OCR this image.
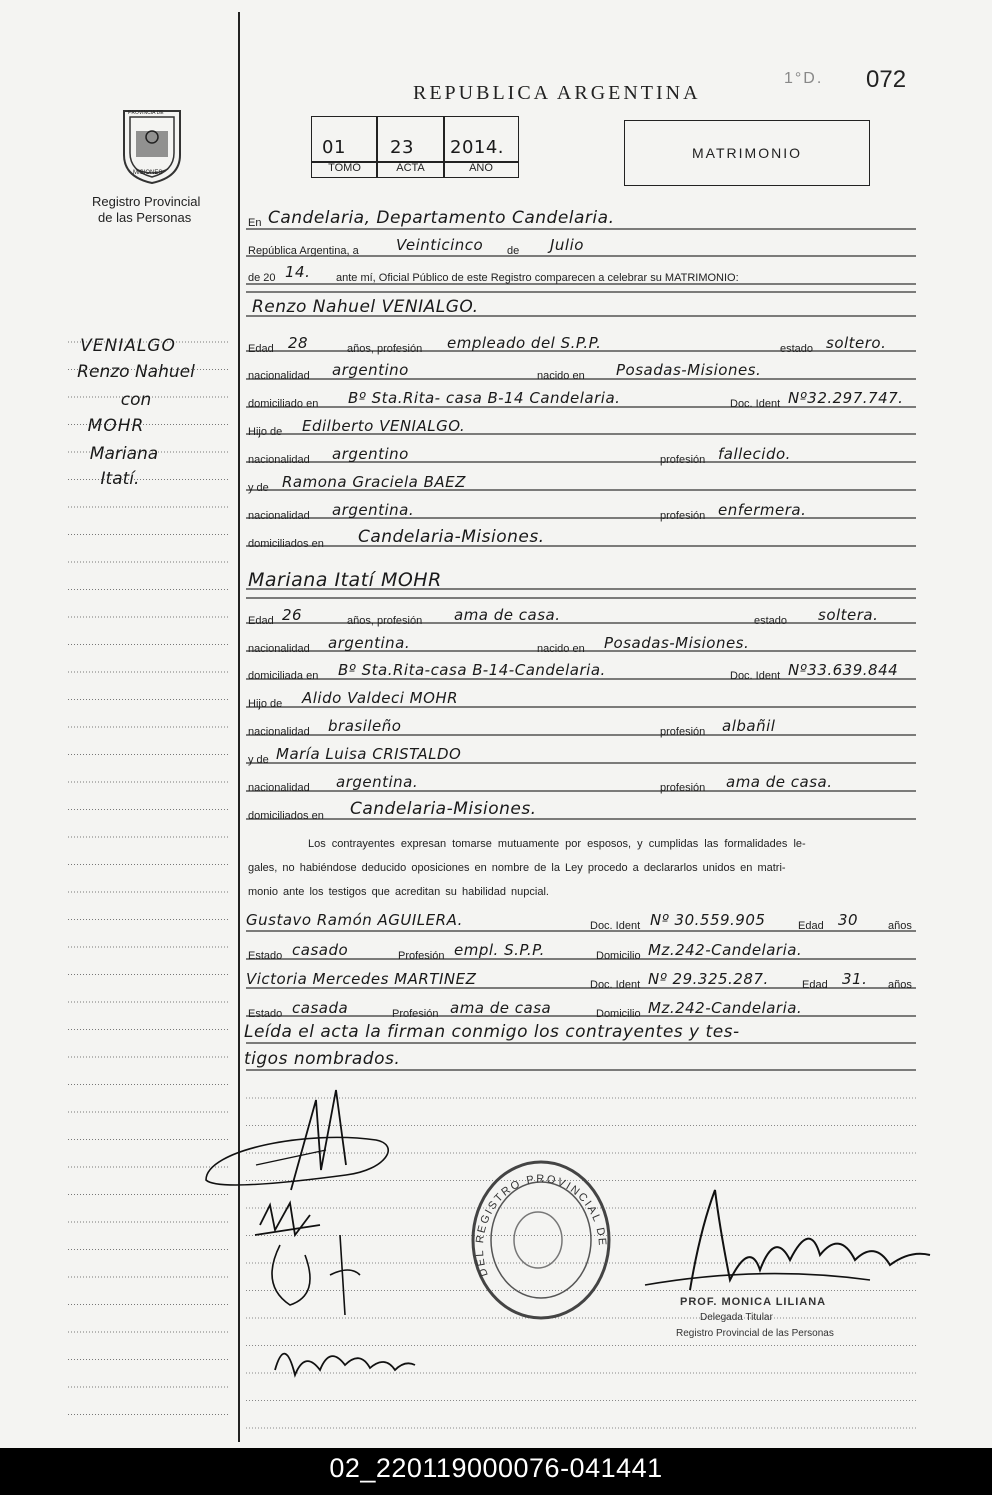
PROVINCIA DE
MISIONES
Registro Provincial
de las Personas
REPUBLICA ARGENTINA
1°D. 072
01 23 2014.
TOMO	ACTA	AÑO
MATRIMONIO
VENIALGO
Renzo Nahuel
con
MOHR
Mariana
Itatí.
En Candelaria, Departamento Candelaria.
República Argentina, a Veinticinco de Julio
de 20 14. ante mí, Oficial Público de este Registro comparecen a celebrar su MATRIMONIO:
Renzo Nahuel VENIALGO.
Edad 28	años, profesión empleado del S.P.P.	estado soltero.
nacionalidad argentino	nacido en Posadas-Misiones.
domiciliado en Bº Sta.Rita- casa B-14 Candelaria.	Doc. Ident Nº32.297.747.
Hijo de Edilberto VENIALGO.
nacionalidad argentino	profesión fallecido.
y de Ramona Graciela BAEZ
nacionalidad argentina.	profesión enfermera.
domiciliados en Candelaria-Misiones.
Mariana Itatí MOHR
Edad 26	años, profesión ama de casa.	estado soltera.
nacionalidad argentina.	nacido en Posadas-Misiones.
domiciliada en Bº Sta.Rita-casa B-14-Candelaria.	Doc. Ident Nº33.639.844
Hijo de Alido Valdeci MOHR
nacionalidad brasileño	profesión albañil
y de María Luisa CRISTALDO
nacionalidad argentina.	profesión ama de casa.
domiciliados en Candelaria-Misiones.
Los contrayentes expresan tomarse mutuamente por esposos, y cumplidas las formalidades le-
gales, no habiéndose deducido oposiciones en nombre de la Ley procedo a declararlos unidos en matri-
monio ante los testigos que acreditan su habilidad nupcial.
Gustavo Ramón AGUILERA.	Doc. Ident Nº 30.559.905	Edad 30	años
Estado casado	Profesión empl. S.P.P.	Domicilio Mz.242-Candelaria.
Victoria Mercedes MARTINEZ	Doc. Ident Nº 29.325.287.	Edad 31. años
Estado casada	Profesión ama de casa	Domicilio Mz.242-Candelaria.
Leída el acta la firman conmigo los contrayentes y tes-
tigos nombrados.
DEL REGISTRO PROVINCIAL DE
PROF. MONICA LILIANA
Delegada Titular
Registro Provincial de las Personas
02_220119000076-041441
